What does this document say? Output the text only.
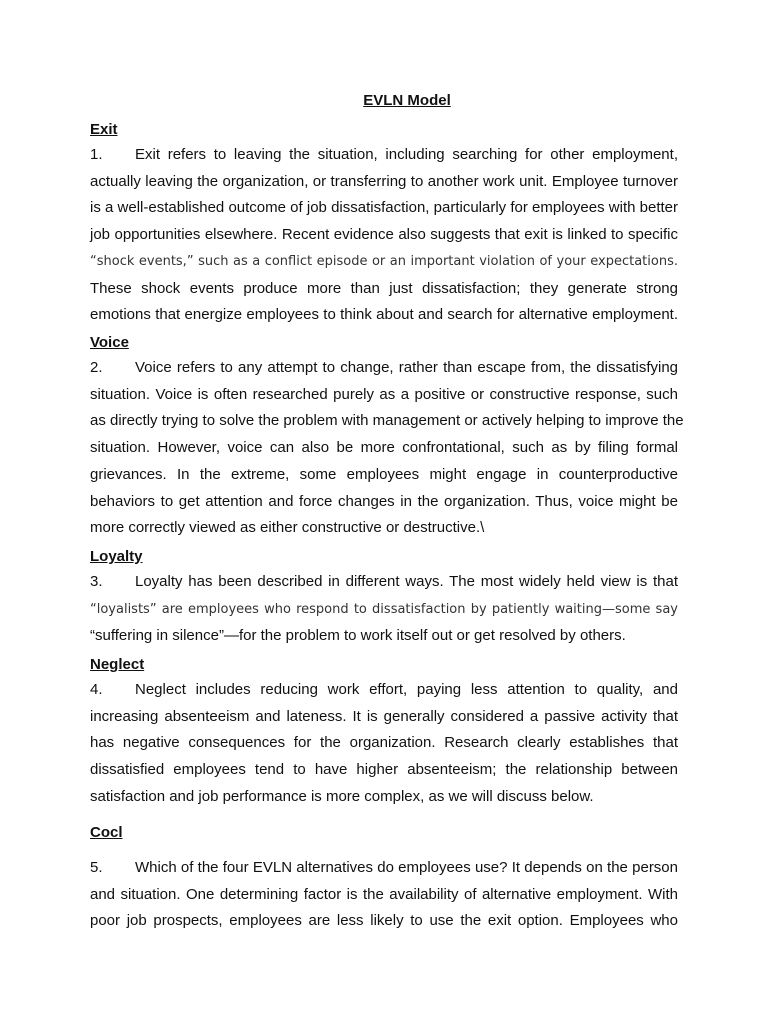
EVLN Model
Exit
1. Exit refers to leaving the situation, including searching for other employment,
actually leaving the organization, or transferring to another work unit. Employee turnover
is a well-established outcome of job dissatisfaction, particularly for employees with better
job opportunities elsewhere. Recent evidence also suggests that exit is linked to specific
“shock events,” such as a conflict episode or an important violation of your expectations.
These shock events produce more than just dissatisfaction; they generate strong
emotions that energize employees to think about and search for alternative employment.
Voice
2. Voice refers to any attempt to change, rather than escape from, the dissatisfying
situation. Voice is often researched purely as a positive or constructive response, such
as directly trying to solve the problem with management or actively helping to improve the
situation. However, voice can also be more confrontational, such as by filing formal
grievances. In the extreme, some employees might engage in counterproductive
behaviors to get attention and force changes in the organization. Thus, voice might be
more correctly viewed as either constructive or destructive.\
Loyalty
3. Loyalty has been described in different ways. The most widely held view is that
“loyalists” are employees who respond to dissatisfaction by patiently waiting—some say
“suffering in silence”—for the problem to work itself out or get resolved by others.
Neglect
4. Neglect includes reducing work effort, paying less attention to quality, and
increasing absenteeism and lateness. It is generally considered a passive activity that
has negative consequences for the organization. Research clearly establishes that
dissatisfied employees tend to have higher absenteeism; the relationship between
satisfaction and job performance is more complex, as we will discuss below.
Cocl
5. Which of the four EVLN alternatives do employees use? It depends on the person
and situation. One determining factor is the availability of alternative employment. With
poor job prospects, employees are less likely to use the exit option. Employees who
